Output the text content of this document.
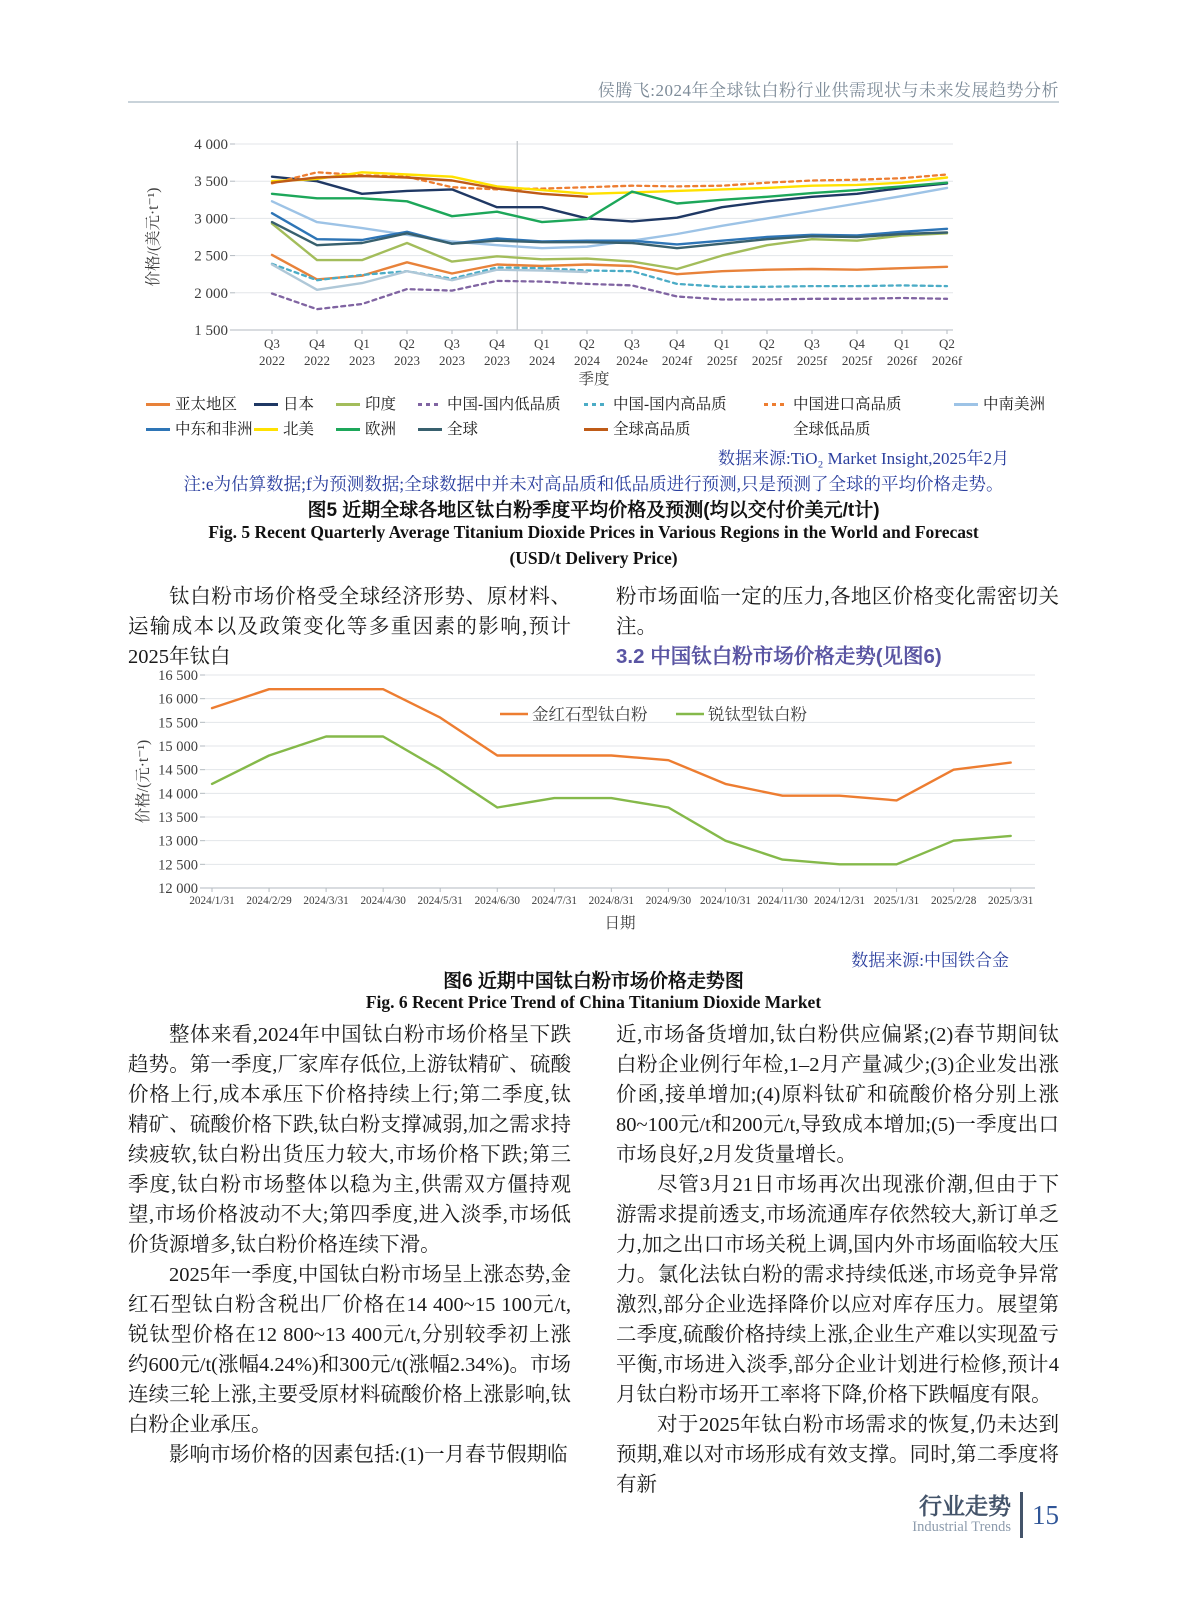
侯腾飞:2024年全球钛白粉行业供需现状与未来发展趋势分析
1 500
2 000
2 500
3 000
3 500
4 000
Q3 2022
Q4 2022
Q1 2023
Q2 2023
Q3 2023
Q4 2023
Q1 2024
Q2 2024
Q3 2024e
Q4 2024f
Q1 2025f
Q2 2025f
Q3 2025f
Q4 2025f
Q1 2026f
Q2 2026f
价格/(美元·t⁻¹)
季度
亚太地区	日本	印度	中国-国内低品质	中国-国内高品质	中国进口高品质	中南美洲
中东和非洲 北美	欧洲	全球	全球高品质	全球低品质
数据来源:TiO₂ Market Insight,2025年2月
注:e为估算数据;f为预测数据;全球数据中并未对高品质和低品质进行预测,只是预测了全球的平均价格走势。
图5 近期全球各地区钛白粉季度平均价格及预测(均以交付价美元/t计)
Fig. 5 Recent Quarterly Average Titanium Dioxide Prices in Various Regions in the World and Forecast
(USD/t Delivery Price)

钛白粉市场价格受全球经济形势、原材料、运输成本以及政策变化等多重因素的影响,预计2025年钛白

粉市场面临一定的压力,各地区价格变化需密切关注。

3.2 中国钛白粉市场价格走势(见图6)

12 000
12 500
13 000
13 500
14 000
14 500
15 000
15 500
16 000
16 500
2024/1/31 2024/2/29 2024/3/31 2024/4/30 2024/5/31 2024/6/30 2024/7/31 2024/8/31 2024/9/30 2024/10/31 2024/11/30 2024/12/31 2025/1/31 2025/2/28 2025/3/31
价格/(元·t⁻¹)
日期
金红石型钛白粉	锐钛型钛白粉
数据来源:中国铁合金
图6 近期中国钛白粉市场价格走势图
Fig. 6 Recent Price Trend of China Titanium Dioxide Market

整体来看,2024年中国钛白粉市场价格呈下跌趋势。第一季度,厂家库存低位,上游钛精矿、硫酸价格上行,成本承压下价格持续上行;第二季度,钛精矿、硫酸价格下跌,钛白粉支撑减弱,加之需求持续疲软,钛白粉出货压力较大,市场价格下跌;第三季度,钛白粉市场整体以稳为主,供需双方僵持观望,市场价格波动不大;第四季度,进入淡季,市场低价货源增多,钛白粉价格连续下滑。

2025年一季度,中国钛白粉市场呈上涨态势,金红石型钛白粉含税出厂价格在14 400~15 100元/t,锐钛型价格在12 800~13 400元/t,分别较季初上涨约600元/t(涨幅4.24%)和300元/t(涨幅2.34%)。市场连续三轮上涨,主要受原材料硫酸价格上涨影响,钛白粉企业承压。

影响市场价格的因素包括:(1)一月春节假期临

近,市场备货增加,钛白粉供应偏紧;(2)春节期间钛白粉企业例行年检,1–2月产量减少;(3)企业发出涨价函,接单增加;(4)原料钛矿和硫酸价格分别上涨80~100元/t和200元/t,导致成本增加;(5)一季度出口市场良好,2月发货量增长。

尽管3月21日市场再次出现涨价潮,但由于下游需求提前透支,市场流通库存依然较大,新订单乏力,加之出口市场关税上调,国内外市场面临较大压力。氯化法钛白粉的需求持续低迷,市场竞争异常激烈,部分企业选择降价以应对库存压力。展望第二季度,硫酸价格持续上涨,企业生产难以实现盈亏平衡,市场进入淡季,部分企业计划进行检修,预计4月钛白粉市场开工率将下降,价格下跌幅度有限。

对于2025年钛白粉市场需求的恢复,仍未达到预期,难以对市场形成有效支撑。同时,第二季度将有新

行业走势
Industrial Trends 15
